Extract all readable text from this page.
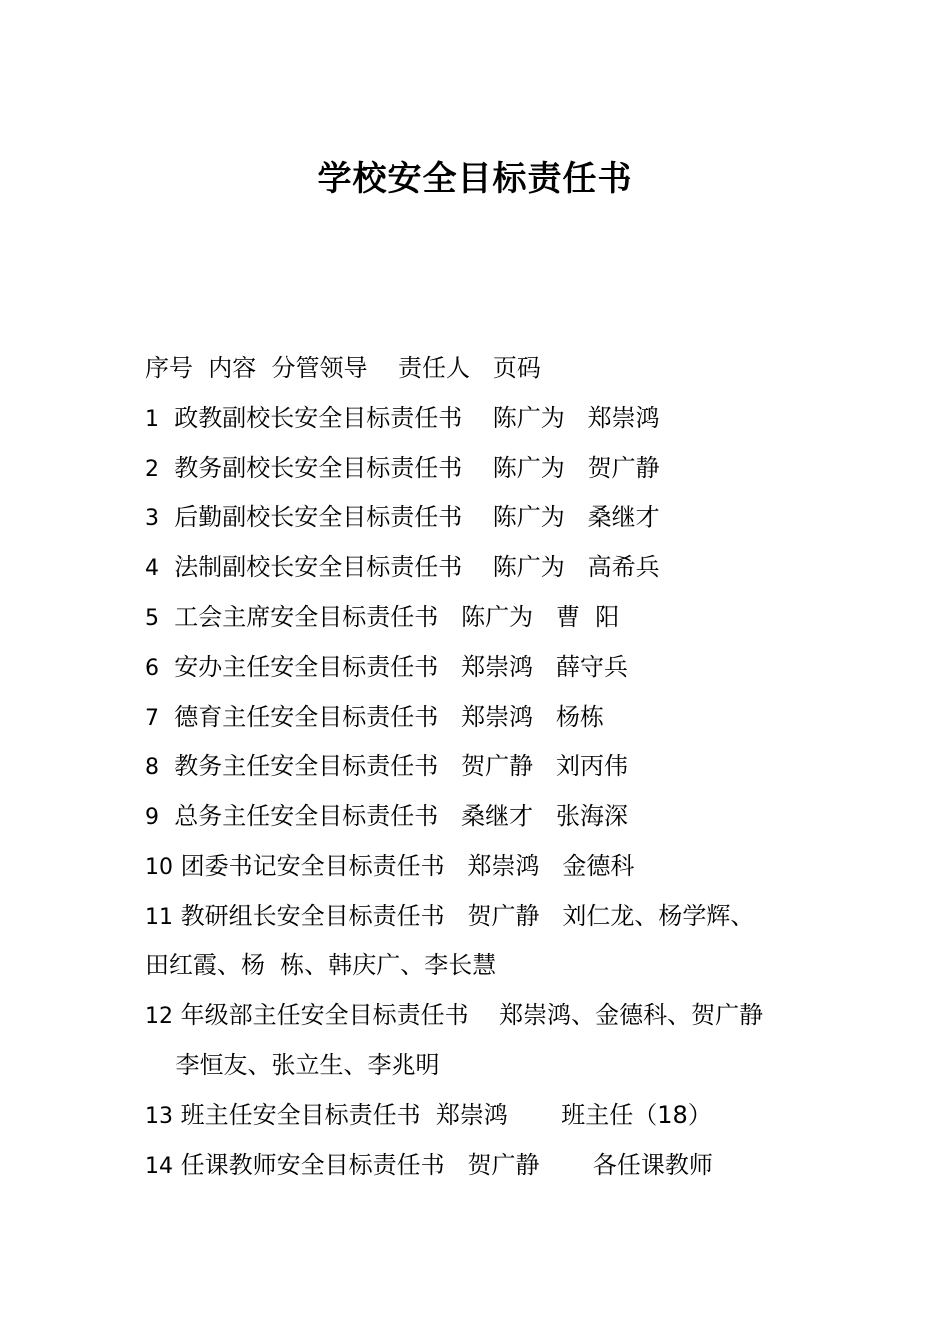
学校安全目标责任书
序号  内容  分管领导    责任人   页码
1  政教副校长安全目标责任书    陈广为   郑崇鸿
2  教务副校长安全目标责任书    陈广为   贺广静
3  后勤副校长安全目标责任书    陈广为   桑继才
4  法制副校长安全目标责任书    陈广为   高希兵
5  工会主席安全目标责任书   陈广为   曹  阳
6  安办主任安全目标责任书   郑崇鸿   薛守兵
7  德育主任安全目标责任书   郑崇鸿   杨栋
8  教务主任安全目标责任书   贺广静   刘丙伟
9  总务主任安全目标责任书   桑继才   张海深
10 团委书记安全目标责任书   郑崇鸿   金德科
11 教研组长安全目标责任书   贺广静   刘仁龙、杨学辉、
田红霞、杨  栋、韩庆广、李长慧
12 年级部主任安全目标责任书    郑崇鸿、金德科、贺广静
李恒友、张立生、李兆明
13 班主任安全目标责任书  郑崇鸿       班主任（18）
14 任课教师安全目标责任书   贺广静       各任课教师
